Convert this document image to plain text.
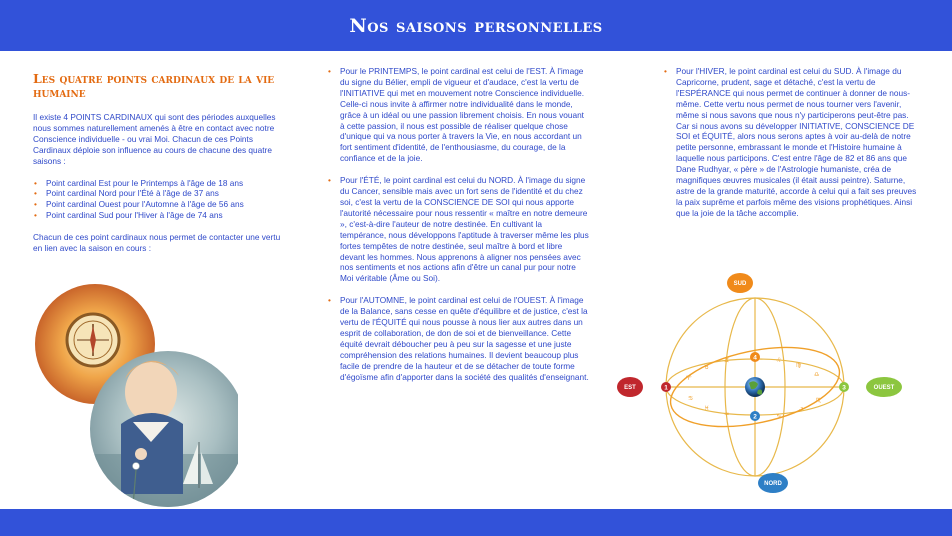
Nos saisons personnelles
Les quatre points cardinaux de la vie humaine

Il existe 4 POINTS CARDINAUX qui sont des périodes auxquelles nous sommes naturellement amenés à être en contact avec notre Conscience individuelle - ou vrai Moi. Chacun de ces Points Cardinaux déploie son influence au cours de chacune des quatre saisons :

• Point cardinal Est pour le Printemps à l'âge de 18 ans
• Point cardinal Nord pour l'Été à l'âge de 37 ans
• Point cardinal Ouest pour l'Automne à l'âge de 56 ans
• Point cardinal Sud pour l'Hiver à l'âge de 74 ans

Chacun de ces point cardinaux nous permet de contacter une vertu en lien avec la saison en cours :

• Pour le PRINTEMPS, le point cardinal est celui de l'EST. À l'image du signe du Bélier, empli de vigueur et d'audace, c'est la vertu de l'INITIATIVE qui met en mouvement notre Conscience individuelle. Celle-ci nous invite à affirmer notre individualité dans le monde, grâce à un idéal ou une passion librement choisis. En nous vouant à cette passion, il nous est possible de réaliser quelque chose d'unique qui va nous porter à travers la Vie, en nous accordant un fort sentiment d'identité, de l'enthousiasme, du courage, de la confiance et de la joie.
• Pour l'ÉTÉ, le point cardinal est celui du NORD. À l'image du signe du Cancer, sensible mais avec un fort sens de l'identité et du chez soi, c'est la vertu de la CONSCIENCE DE SOI qui nous apporte l'autorité nécessaire pour nous ressentir « maître en notre demeure », c'est-à-dire l'auteur de notre destinée. En cultivant la tempérance, nous développons l'aptitude à traverser même les plus fortes tempêtes de notre destinée, seul maître à bord et libre devant les hommes. Nous apprenons à aligner nos pensées avec nos sentiments et nos actions afin d'être un canal pur pour notre Moi véritable (Âme ou Soi).
• Pour l'AUTOMNE, le point cardinal est celui de l'OUEST. À l'image de la Balance, sans cesse en quête d'équilibre et de justice, c'est la vertu de l'ÉQUITÉ qui nous pousse à nous lier aux autres dans un esprit de collaboration, de don de soi et de bienveillance. Cette équité devrait déboucher peu à peu sur la sagesse et une juste compréhension des relations humaines. Il devient beaucoup plus facile de prendre de la hauteur et de se détacher de toute forme d'égoïsme afin d'apporter dans la société des qualités d'enseignant.
• Pour l'HIVER, le point cardinal est celui du SUD. À l'image du Capricorne, prudent, sage et détaché, c'est la vertu de l'ESPÉRANCE qui nous permet de continuer à donner de nous-même. Cette vertu nous permet de nous tourner vers l'avenir, même si nous savons que nous n'y participerons peut-être pas. Car si nous avons su développer INITIATIVE, CONSCIENCE DE SOI et ÉQUITÉ, alors nous serons aptes à voir au-delà de notre petite personne, embrassant le monde et l'Histoire humaine à laquelle nous participons. C'est entre l'âge de 82 et 86 ans que Dane Rudhyar, « père » de l'Astrologie humaniste, créa de magnifiques œuvres musicales (il était aussi peintre). Saturne, astre de la grande maturité, accorde à celui qui a fait ses preuves la paix suprême et parfois même des visions prophétiques. Ainsi que la joie de la tâche accomplie.
♈
♉
♊	♌
♍
♎
♏
♐
♑
♒
♓
♋
1
2
3
4
SUD
EST	OUEST
NORD
